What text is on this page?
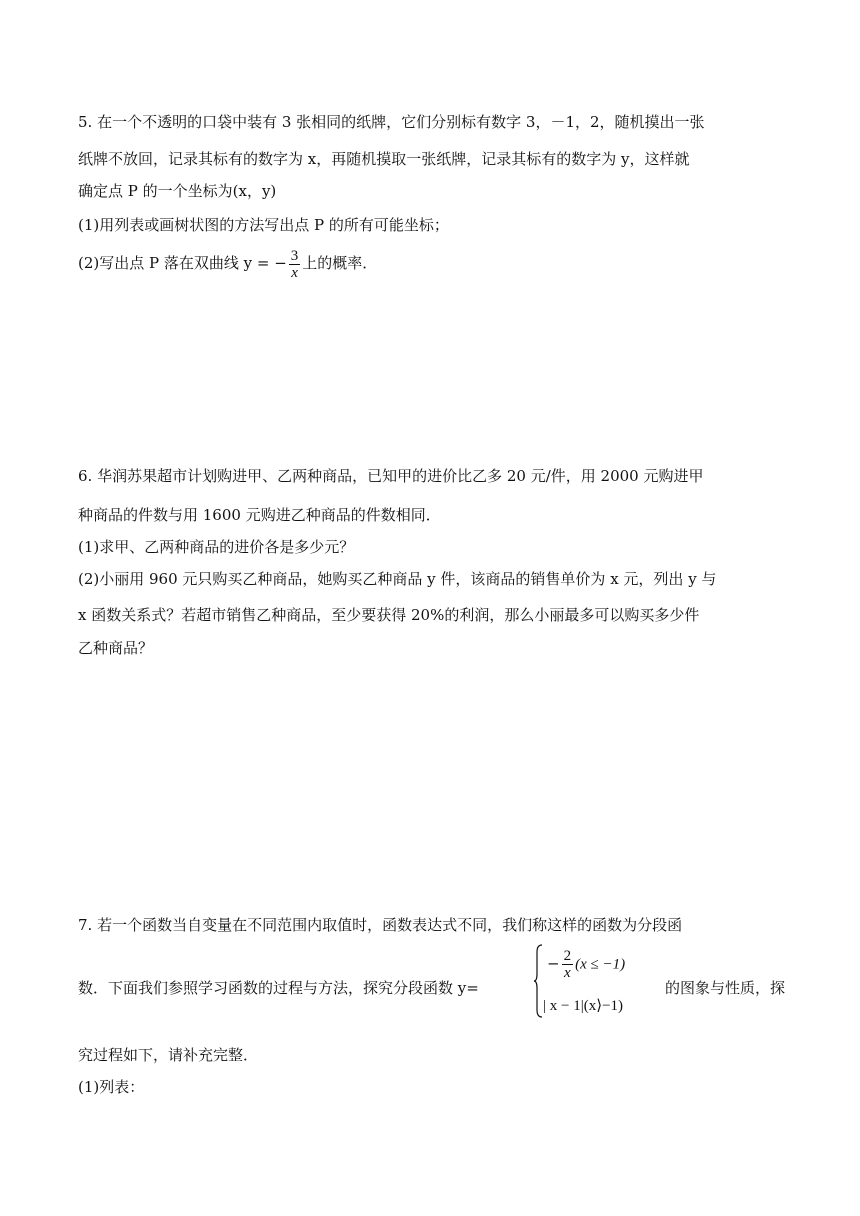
5. 在一个不透明的口袋中装有 3 张相同的纸牌，它们分别标有数字 3，－1，2，随机摸出一张
纸牌不放回，记录其标有的数字为 x，再随机摸取一张纸牌，记录其标有的数字为 y，这样就
确定点 P 的一个坐标为(x，y)
(1)用列表或画树状图的方法写出点 P 的所有可能坐标；
(2)写出点 P 落在双曲线 y = − $\frac{3}{x}$ 上的概率．
6. 华润苏果超市计划购进甲、乙两种商品，已知甲的进价比乙多 20 元/件，用 2000 元购进甲
种商品的件数与用 1600 元购进乙种商品的件数相同．
(1)求甲、乙两种商品的进价各是多少元？
(2)小丽用 960 元只购买乙种商品，她购买乙种商品 y 件，该商品的销售单价为 x 元，列出 y 与
x 函数关系式？若超市销售乙种商品，至少要获得 20%的利润，那么小丽最多可以购买多少件
乙种商品？
7. 若一个函数当自变量在不同范围内取值时，函数表达式不同，我们称这样的函数为分段函
数．下面我们参照学习函数的过程与方法，探究分段函数 y=
− $\frac{2}{x} (x \le -1)$
| x − 1|(x⟩−1)
的图象与性质，探
究过程如下，请补充完整．
(1)列表：
